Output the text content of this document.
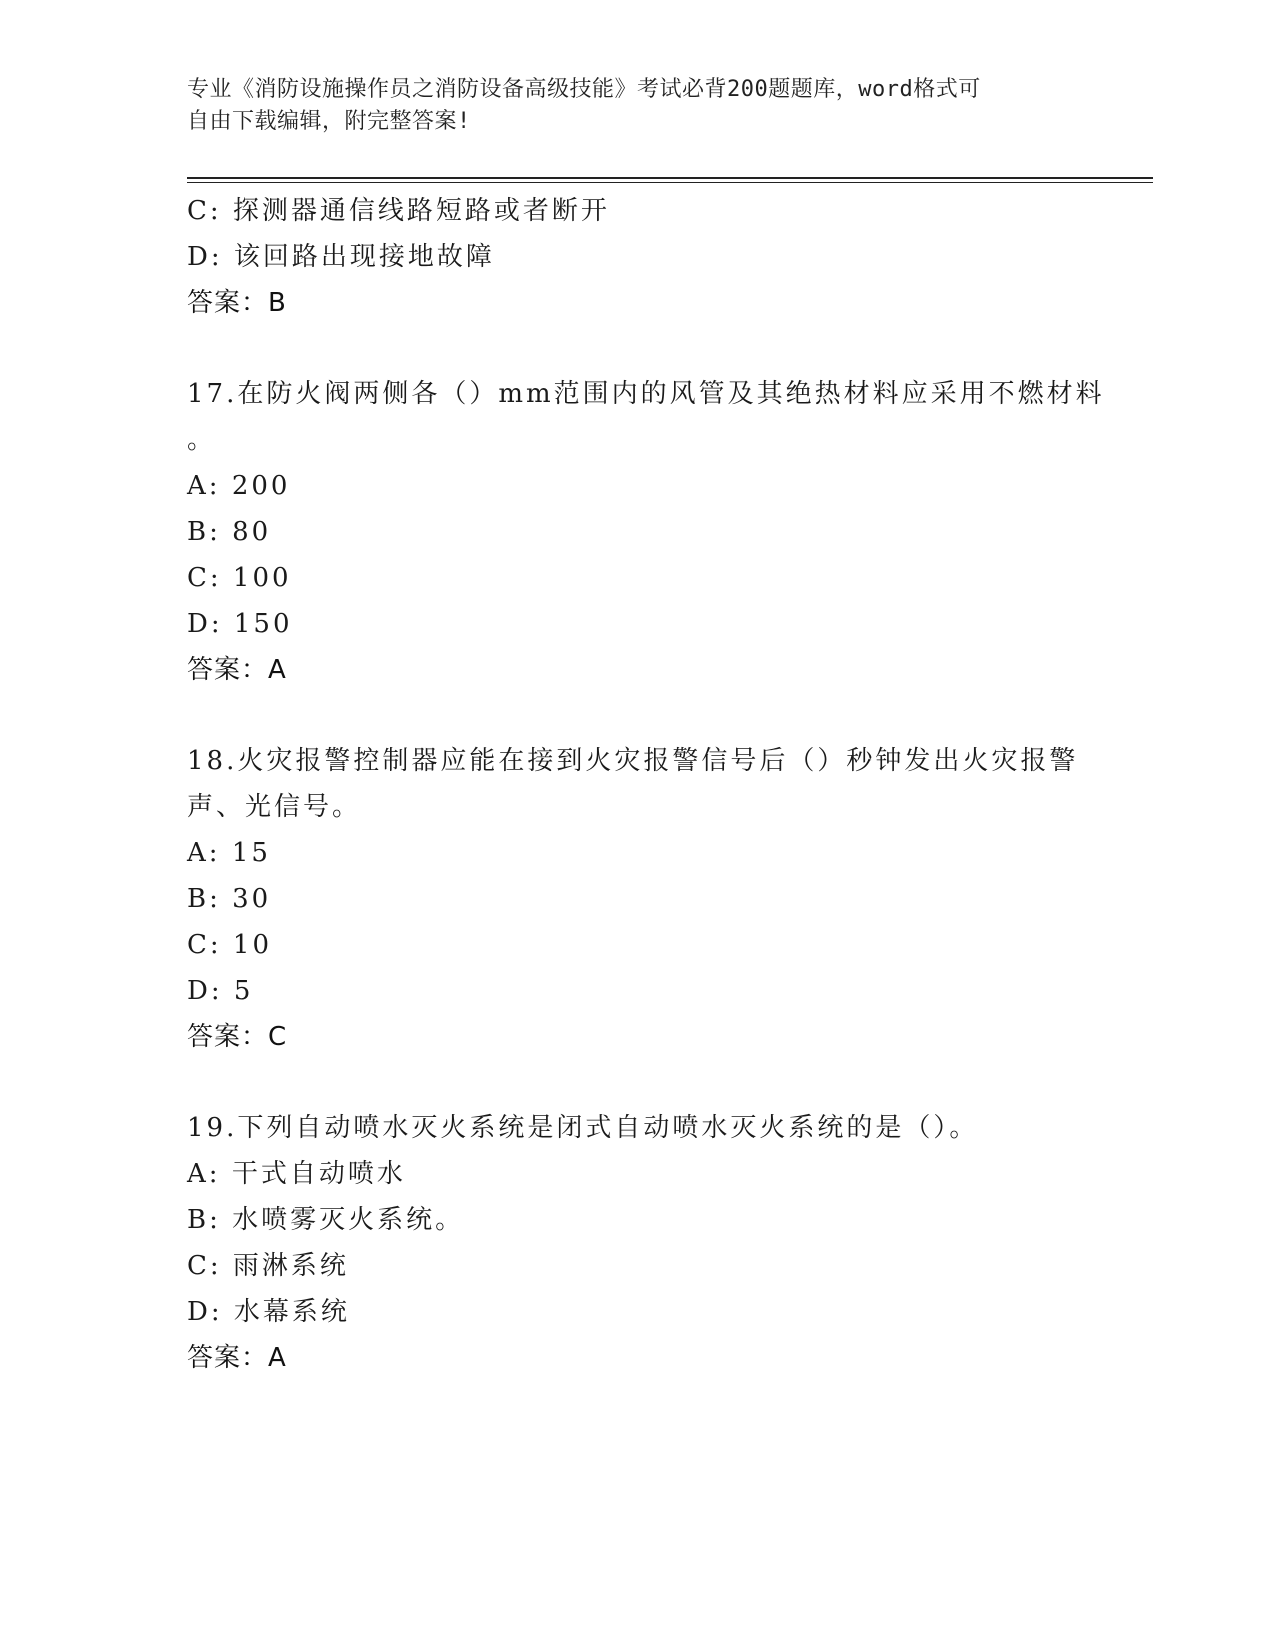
专业《消防设施操作员之消防设备高级技能》考试必背200题题库，word格式可
自由下载编辑，附完整答案!
C: 探测器通信线路短路或者断开
D: 该回路出现接地故障
答案：B
17.在防火阀两侧各（）mm范围内的风管及其绝热材料应采用不燃材料
。
A: 200
B: 80
C: 100
D: 150
答案：A
18.火灾报警控制器应能在接到火灾报警信号后（）秒钟发出火灾报警
声、光信号。
A: 15
B: 30
C: 10
D: 5
答案：C
19.下列自动喷水灭火系统是闭式自动喷水灭火系统的是（）。
A: 干式自动喷水
B: 水喷雾灭火系统。
C: 雨淋系统
D: 水幕系统
答案：A
